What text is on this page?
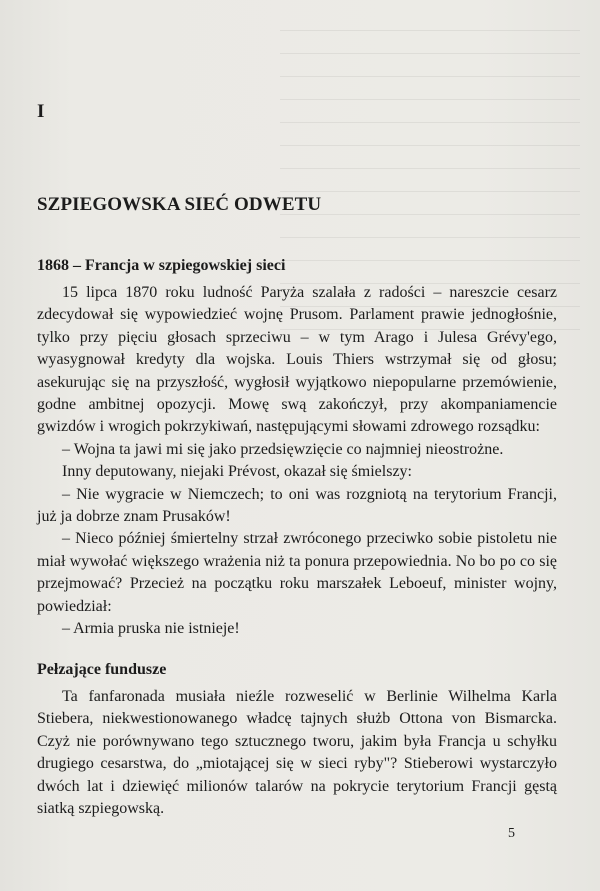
I
SZPIEGOWSKA SIEĆ ODWETU
1868 – Francja w szpiegowskiej sieci

15 lipca 1870 roku ludność Paryża szalała z radości – nareszcie cesarz zdecydował się wypowiedzieć wojnę Prusom. Parlament prawie jednogłośnie, tylko przy pięciu głosach sprzeciwu – w tym Arago i Julesa Grévy'ego, wyasygnował kredyty dla wojska. Louis Thiers wstrzymał się od głosu; asekurując się na przyszłość, wygłosił wyjątkowo niepopularne przemówienie, godne ambitnej opozycji. Mowę swą zakończył, przy akompaniamencie gwizdów i wrogich pokrzykiwań, następującymi słowami zdrowego rozsądku:

– Wojna ta jawi mi się jako przedsięwzięcie co najmniej nieostrożne.

Inny deputowany, niejaki Prévost, okazał się śmielszy:

– Nie wygracie w Niemczech; to oni was rozgniotą na terytorium Francji, już ja dobrze znam Prusaków!

– Nieco później śmiertelny strzał zwróconego przeciwko sobie pistoletu nie miał wywołać większego wrażenia niż ta ponura przepowiednia. No bo po co się przejmować? Przecież na początku roku marszałek Leboeuf, minister wojny, powiedział:

– Armia pruska nie istnieje!

Pełzające fundusze

Ta fanfaronada musiała nieźle rozweselić w Berlinie Wilhelma Karla Stiebera, niekwestionowanego władcę tajnych służb Ottona von Bismarcka. Czyż nie porównywano tego sztucznego tworu, jakim była Francja u schyłku drugiego cesarstwa, do „miotającej się w sieci ryby"? Stieberowi wystarczyło dwóch lat i dziewięć milionów talarów na pokrycie terytorium Francji gęstą siatką szpiegowską.

5
